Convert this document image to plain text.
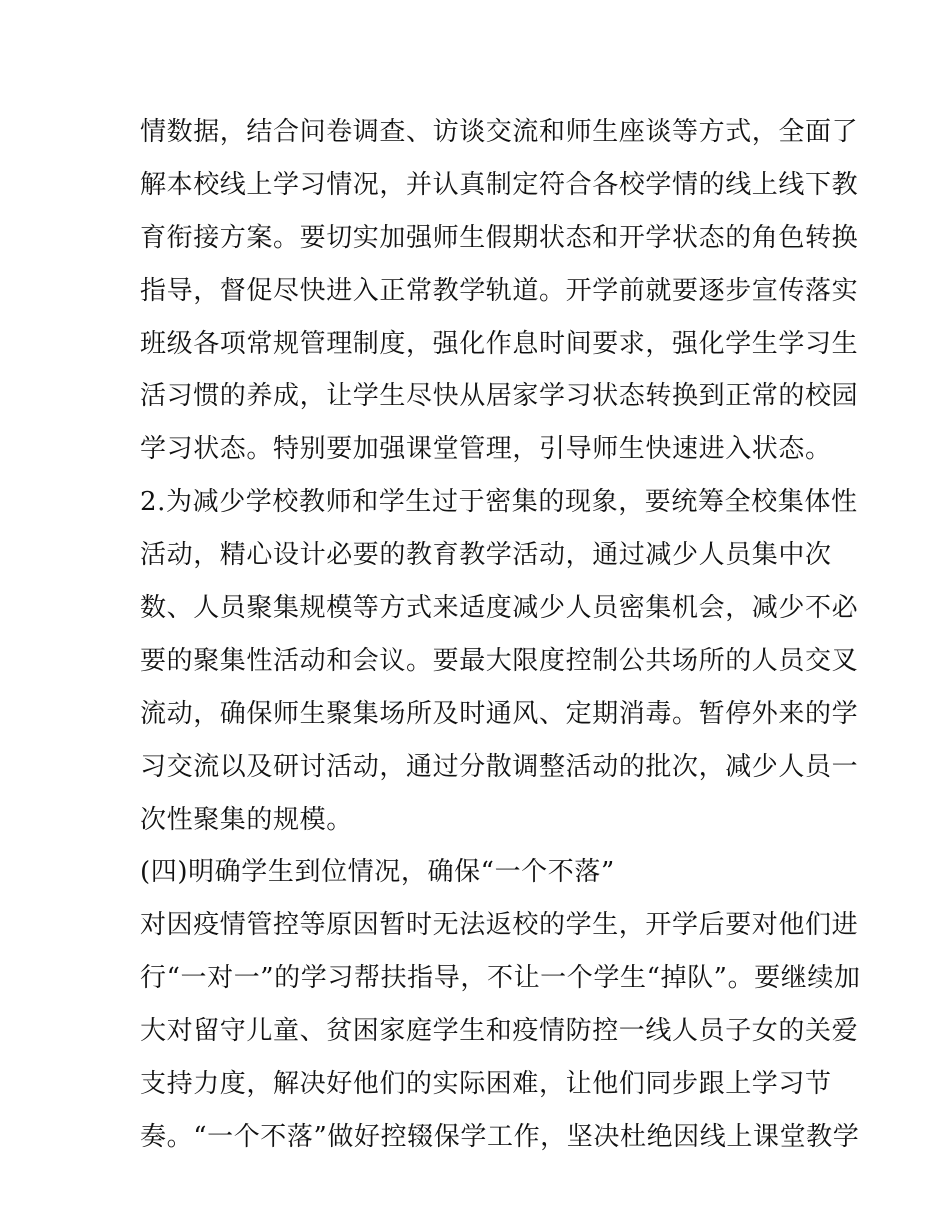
情数据，结合问卷调查、访谈交流和师生座谈等方式，全面了
解本校线上学习情况，并认真制定符合各校学情的线上线下教
育衔接方案。要切实加强师生假期状态和开学状态的角色转换
指导，督促尽快进入正常教学轨道。开学前就要逐步宣传落实
班级各项常规管理制度，强化作息时间要求，强化学生学习生
活习惯的养成，让学生尽快从居家学习状态转换到正常的校园
学习状态。特别要加强课堂管理，引导师生快速进入状态。
2.为减少学校教师和学生过于密集的现象，要统筹全校集体性
活动，精心设计必要的教育教学活动，通过减少人员集中次
数、人员聚集规模等方式来适度减少人员密集机会，减少不必
要的聚集性活动和会议。要最大限度控制公共场所的人员交叉
流动，确保师生聚集场所及时通风、定期消毒。暂停外来的学
习交流以及研讨活动，通过分散调整活动的批次，减少人员一
次性聚集的规模。
(四)明确学生到位情况，确保“一个不落”
对因疫情管控等原因暂时无法返校的学生，开学后要对他们进
行“一对一”的学习帮扶指导，不让一个学生“掉队”。要继续加
大对留守儿童、贫困家庭学生和疫情防控一线人员子女的关爱
支持力度，解决好他们的实际困难，让他们同步跟上学习节
奏。“一个不落”做好控辍保学工作，坚决杜绝因线上课堂教学
